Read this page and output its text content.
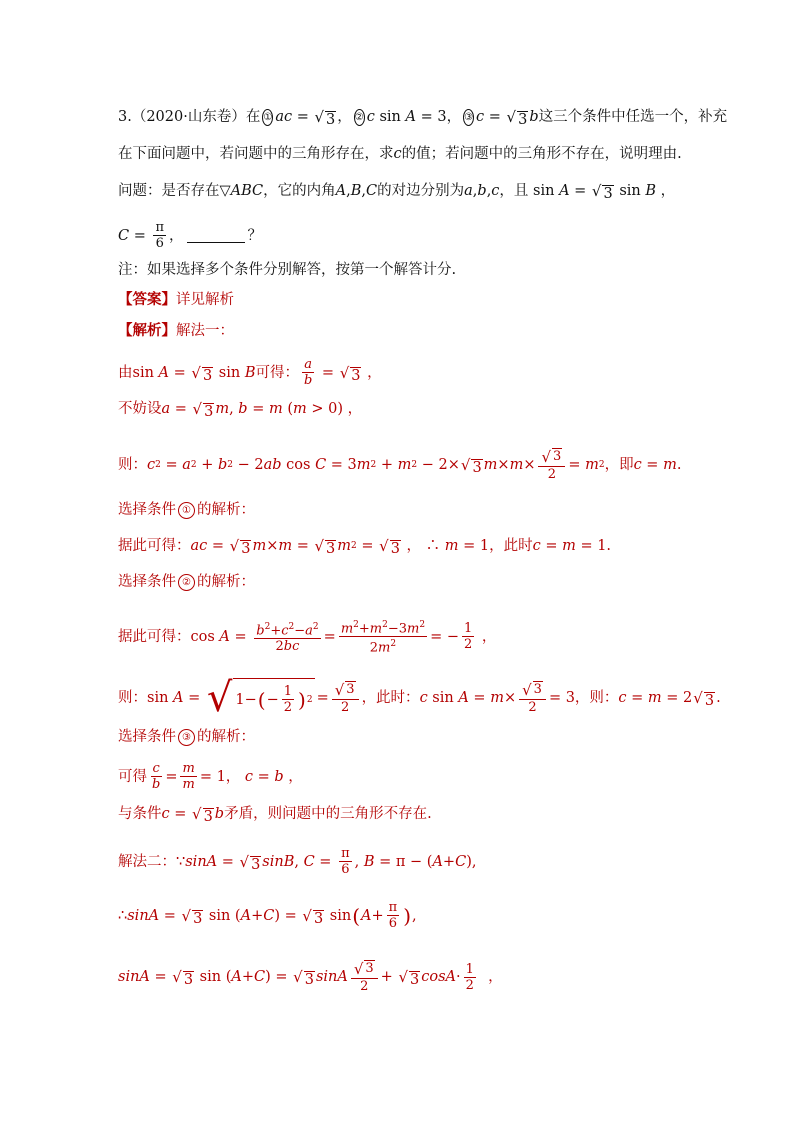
3.（2020·山东卷）在 ① ac = √ 3 ， ② c sin A = 3 ， ③ c = √ 3 b 这三个条件中任选一个，补充
在下面问题中，若问题中的三角形存在，求 c 的值；若问题中的三角形不存在，说明理由.
问题：是否存在 ▽ABC ，它的内角 A , B , C 的对边分别为 a , b , c ，且 sin A = √ 3 sin B ，
$C = \frac{\pi}{6}$ ，	？
注：如果选择多个条件分别解答，按第一个解答计分.
【答案】 详见解析
【解析】 解法一：
由 sin A = √ 3 sin B 可得： $\frac{a}{b}$ = √ 3 ，
不妨设 a = √ 3 m , b = m ( m > 0) ，
则： c 2 = a 2 + b 2 − 2 ab cos C = 3 m 2 + m 2 − 2× √ 3 $m \times m \times \frac{√ 3}{2} = m$ 2 ，即 c = m .
选择条件 ① 的解析：
据此可得： ac = √ 3 m × m = √ 3 m 2 = √ 3 ， ∴ m = 1 ，此时 c = m = 1.
选择条件 ② 的解析：
据此可得： $\cos A = \frac{b^2+c^2-a^2}{2bc} = \frac{m^2+m^2-3m^2}{2m^2}$ = − $\frac{1}{2}$ ，
则： sin A = √ 1− ( − $\frac{1}{2}$ ) $2 = \frac{√ 3}{2}$ ，此时： c $\sin A = m \times \frac{√ 3}{2} = 3$ ，则： c = m = 2 √ 3 .
选择条件 ③ 的解析：
可得 $\frac{c}{b} = \frac{m}{m} = 1$， c = b ，
与条件 c = √ 3 b 矛盾，则问题中的三角形不存在.
解法二： ∵ sinA = √ 3 sinB , $C = \frac{\pi}{6}$ , B = π − ( A + C ),
∴ sinA = √ 3 sin ( A + C ) = √ 3 sin ( $A + \frac{\pi}{6}$ ) ,
sinA = √ 3 sin ( A + C ) = √ 3 sinA $\frac{√ 3}{2}$ + √ 3 $\cos A \cdot \frac{1}{2}$ ，
